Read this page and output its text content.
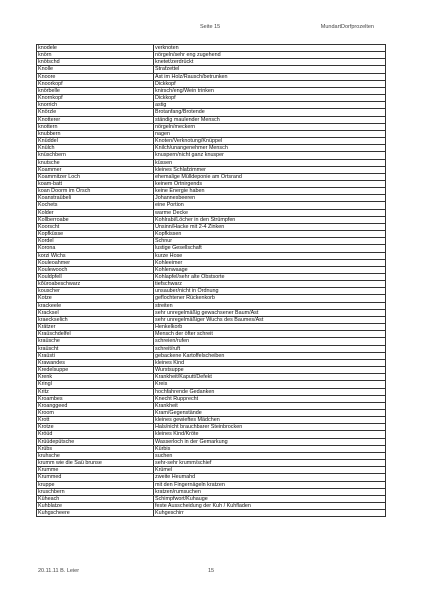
Seite 15	MundartDorfprozelten
knodele	verknoten
knörn	nörgeln/sehr eng zugehend
knötschd	knetet/zerdrückt
Knolle	Strafzettel
Knoore	Ast im Holz/Rausch/betrunken
Knoorkopf	Dickkopf
knörbelle	knirsch/eng/Wein trinken
Knornkopf	Dickkopf
knorrich	astig
Knörzle	Brotanfang/Brotende
Knotterer	ständig maulender Mensch
knottern	nörgeln/meckern
knubbern	nagen
Knüddel	Knoten/Verknotung/Knüppel
Knülch	Knilch/unangenehmer Mensch
knüschbern	knuspern/nicht ganz knusper
knutsche	küssen
Koammer	kleines Schlafzimmer
Koammitzer Loch	ehemalige Mülldeponie am Ortsrand
koam-batt	keinem Ortnirgends
koan Doorm im Orsch	keine Energie haben
Koanstraübeli	Johannesbeeren
Kochets	eine Portion
Kolder	warme Decke
Kollberroabe	Kohlrabi/Löcher in den Strümpfen
Koorscht	Unsinn/Hacke mit 2-4 Zinken
Kopfküsse	Kopfkissen
Kordel	Schnur
Korona	lustige Gesellschaft
korzi Wichs	kurze Hose
Kouleoahmer	Kohleeimer
Koulewooch	Kohlenwaage
Kouldpfell	Kohlapfel/sehr alte Obstsorte
kõüroabeschwarz	tiefschwarz
kouscher	unsauber/nicht in Ordnung
Kotze	geflochtener Rückenkorb
krackeele	streiten
Kracksel	sehr unregelmäßig gewachsener Baum/Ast
kraeckselich	sehr unregelmäßiger Wuchs des Baumes/Ast
Krätzer	Henkelkorb
Kraüschdelfel	Mensch der öfter schreit
kraüsche	schreien/rufen
kraüscht	schreit/ruft
Kraüsti	gebackene Kartoffelscheiben
Krawandes	kleines Kind
Kredelsuppe	Wurstsuppe
Krenk	Krankheit/Kaputt/Defekt
Kringl	Kreis
Kritz	hochfahrende Gedanken
Kroambes	Knecht Rupprecht
Kroanggeed	Krankheit
Kroom	Kram/Gegenstände
Krott	kleines gewieftes Mädchen
Krotze	Hals/nicht brauchbarer Steinbrocken
Kröüd	kleines Kind/Kröte
Krüüdepütsche	Wasserloch in der Gemarkung
Krübs	Kürbis
kruhsche	suchen
krumm wie die Saü brunse	sehr-sehr krumm/schief
Krumme	Krümel
Krummed	zweite Heumahd
kruppe	mit den Fingernägeln kratzen
kruschbern	kratzen/rumsuchen
Küheach	Schimpfwort/Kuhauge
Kuhblatze	feste Ausscheidung der Kuh / Kuhfladen
Kuhgscheere	Kuhgeschirr
20.11.11 B. Leier	15
